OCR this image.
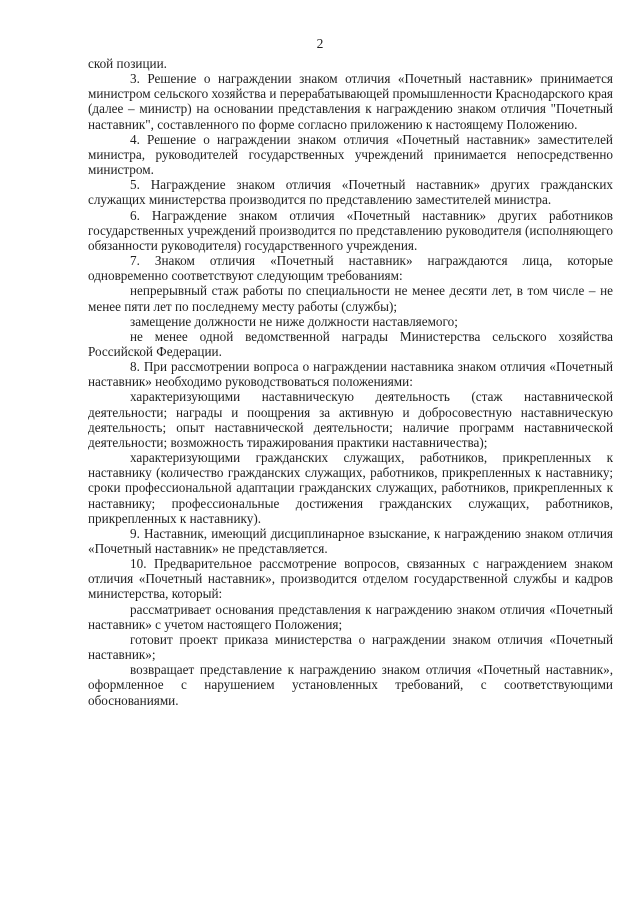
2

ской позиции.

3. Решение о награждении знаком отличия «Почетный наставник» принимается министром сельского хозяйства и перерабатывающей промышленности Краснодарского края (далее – министр) на основании представления к награждению знаком отличия "Почетный наставник", составленного по форме согласно приложению к настоящему Положению.

4. Решение о награждении знаком отличия «Почетный наставник» заместителей министра, руководителей государственных учреждений принимается непосредственно министром.

5. Награждение знаком отличия «Почетный наставник» других гражданских служащих министерства производится по представлению заместителей министра.

6. Награждение знаком отличия «Почетный наставник» других работников государственных учреждений производится по представлению руководителя (исполняющего обязанности руководителя) государственного учреждения.

7. Знаком отличия «Почетный наставник» награждаются лица, которые одновременно соответствуют следующим требованиям:

непрерывный стаж работы по специальности не менее десяти лет, в том числе – не менее пяти лет по последнему месту работы (службы);

замещение должности не ниже должности наставляемого;

не менее одной ведомственной награды Министерства сельского хозяйства Российской Федерации.

8. При рассмотрении вопроса о награждении наставника знаком отличия «Почетный наставник» необходимо руководствоваться положениями:

характеризующими наставническую деятельность (стаж наставнической деятельности; награды и поощрения за активную и добросовестную наставническую деятельность; опыт наставнической деятельности; наличие программ наставнической деятельности; возможность тиражирования практики наставничества);

характеризующими гражданских служащих, работников, прикрепленных к наставнику (количество гражданских служащих, работников, прикрепленных к наставнику; сроки профессиональной адаптации гражданских служащих, работников, прикрепленных к наставнику; профессиональные достижения гражданских служащих, работников, прикрепленных к наставнику).

9. Наставник, имеющий дисциплинарное взыскание, к награждению знаком отличия «Почетный наставник» не представляется.

10. Предварительное рассмотрение вопросов, связанных с награждением знаком отличия «Почетный наставник», производится отделом государственной службы и кадров министерства, который:

рассматривает основания представления к награждению знаком отличия «Почетный наставник» с учетом настоящего Положения;

готовит проект приказа министерства о награждении знаком отличия «Почетный наставник»;

возвращает представление к награждению знаком отличия «Почетный наставник», оформленное с нарушением установленных требований, с соответствующими обоснованиями.
